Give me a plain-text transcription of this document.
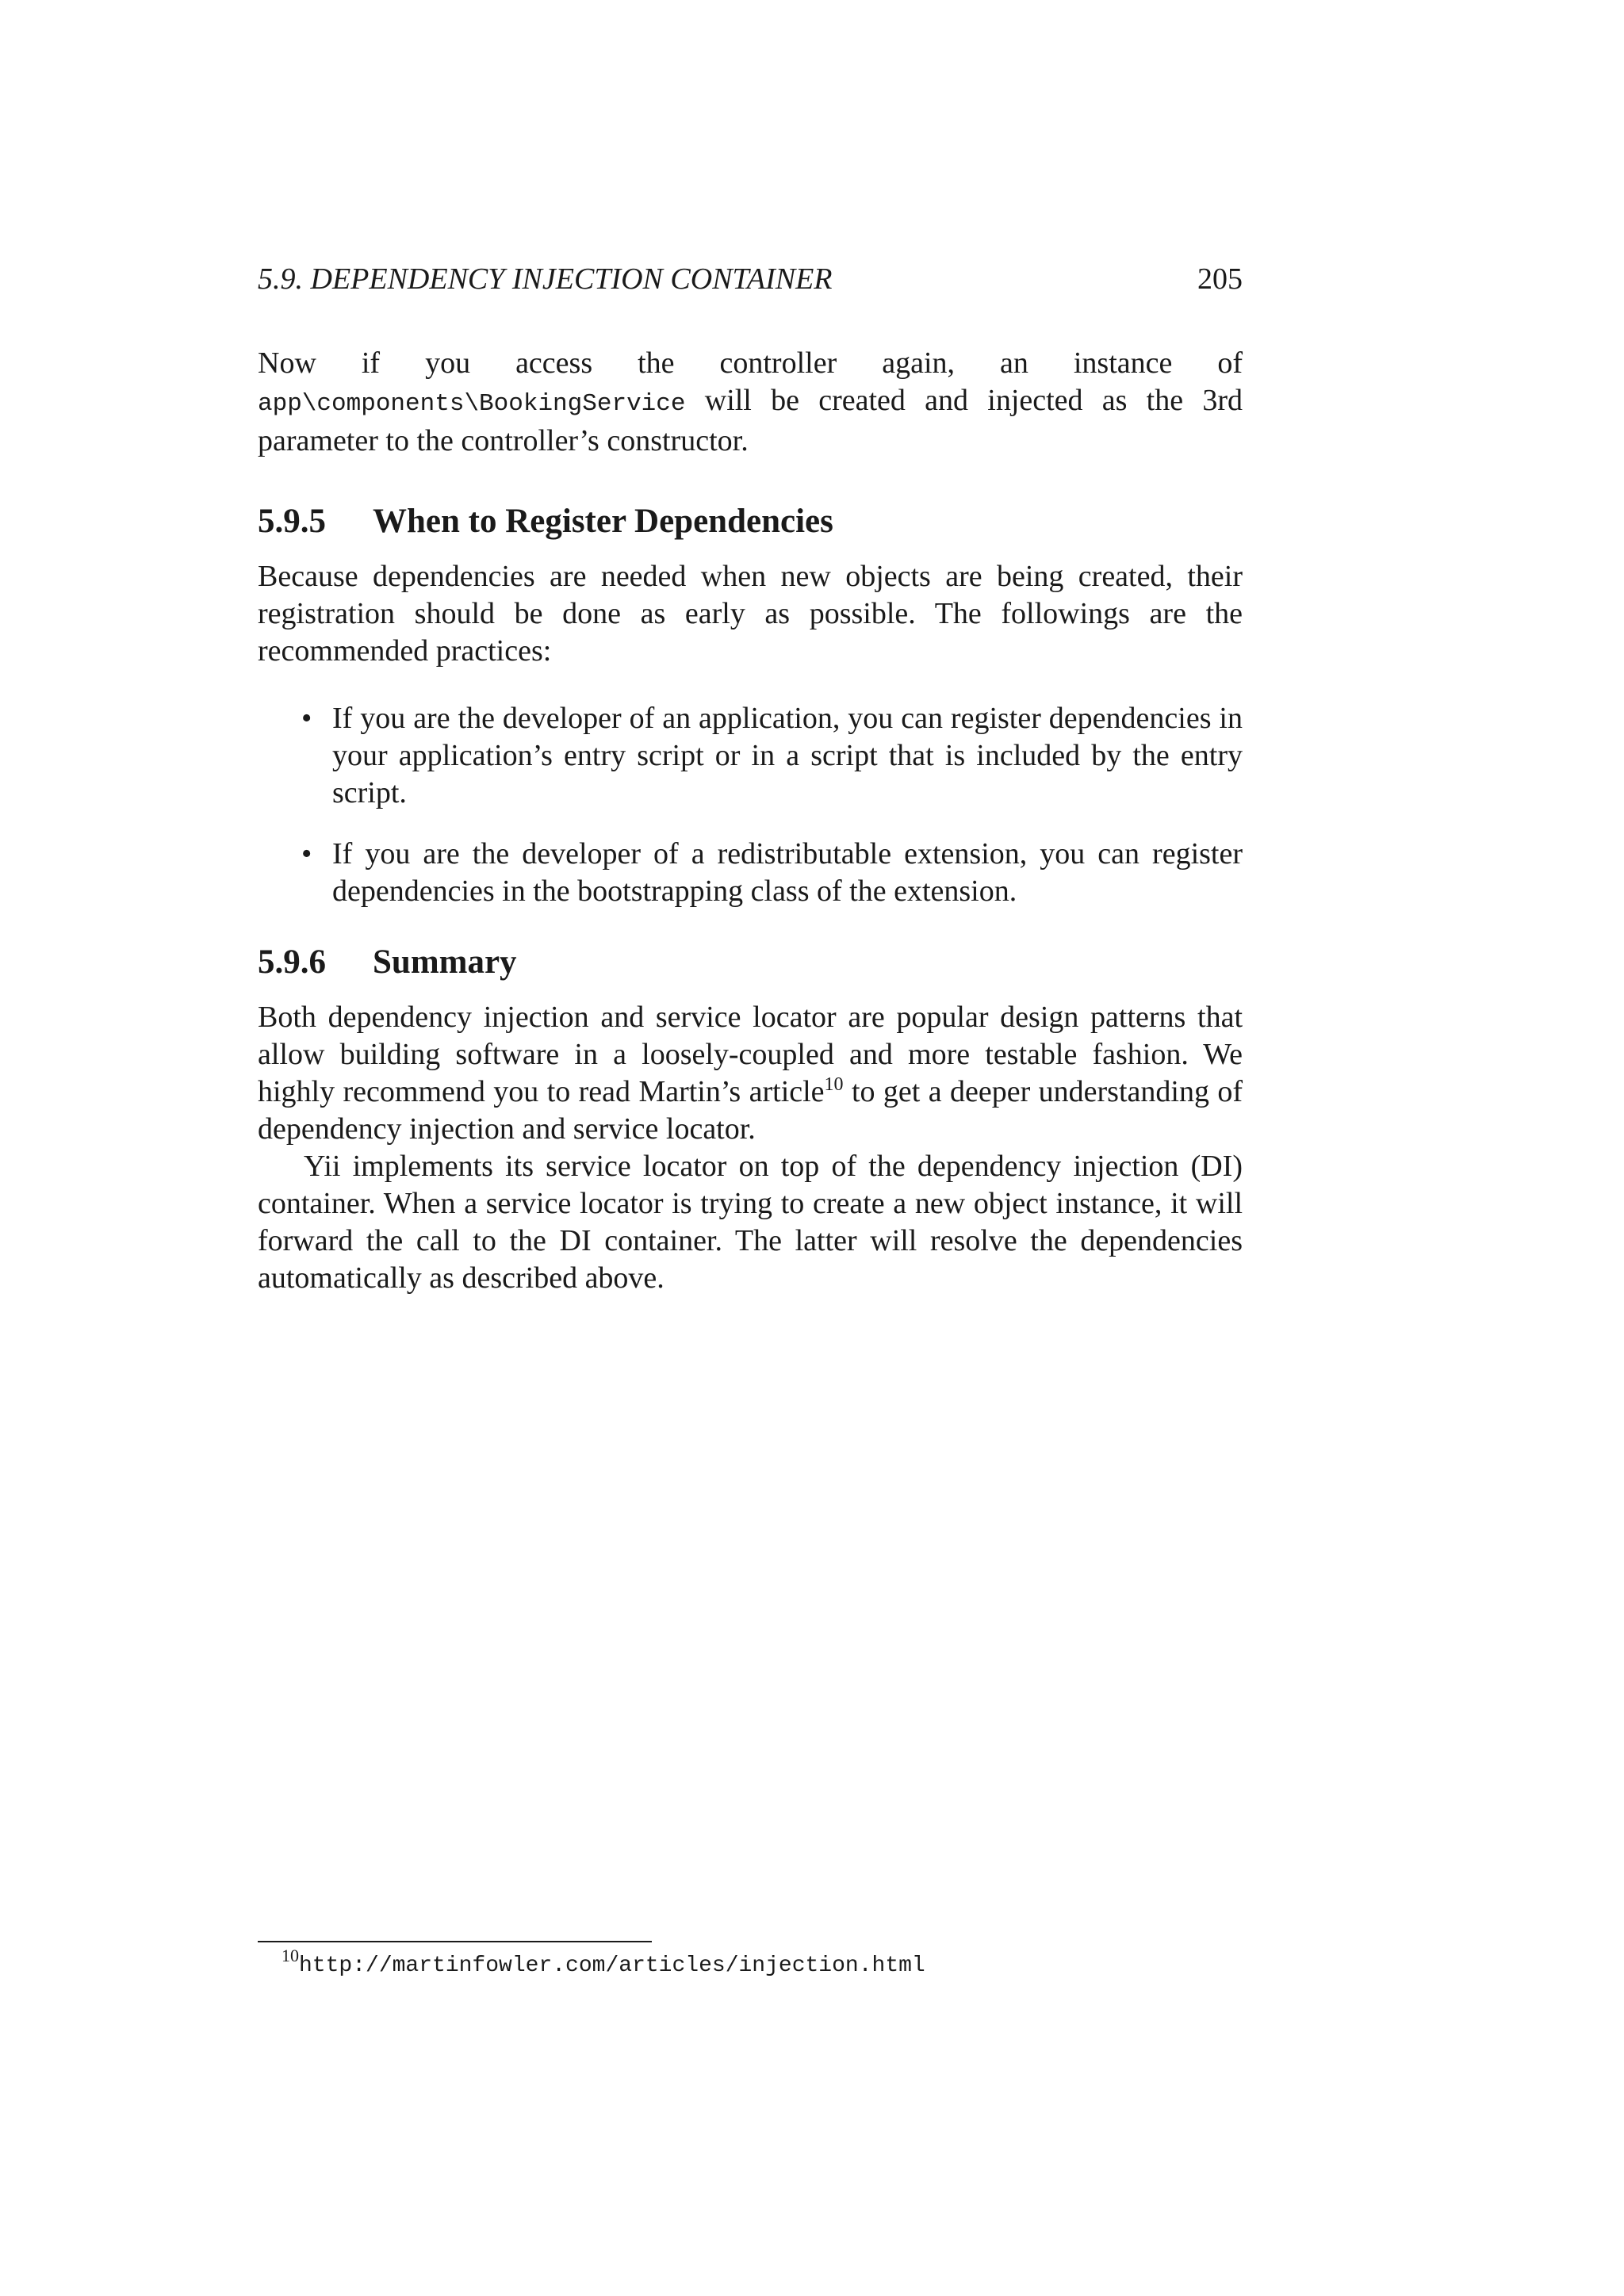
5.9. DEPENDENCY INJECTION CONTAINER	205

Now if you access the controller again, an instance of app\components\BookingService will be created and injected as the 3rd parameter to the controller’s constructor.

5.9.5	When to Register Dependencies

Because dependencies are needed when new objects are being created, their registration should be done as early as possible. The followings are the recommended practices:

• If you are the developer of an application, you can register dependencies in your application’s entry script or in a script that is included by the entry script.
• If you are the developer of a redistributable extension, you can register dependencies in the bootstrapping class of the extension.
5.9.6	Summary

Both dependency injection and service locator are popular design patterns that allow building software in a loosely-coupled and more testable fashion. We highly recommend you to read Martin’s article$^{10}$ to get a deeper understanding of dependency injection and service locator.

Yii implements its service locator on top of the dependency injection (DI) container. When a service locator is trying to create a new object instance, it will forward the call to the DI container. The latter will resolve the dependencies automatically as described above.

$^{10}$http://martinfowler.com/articles/injection.html
